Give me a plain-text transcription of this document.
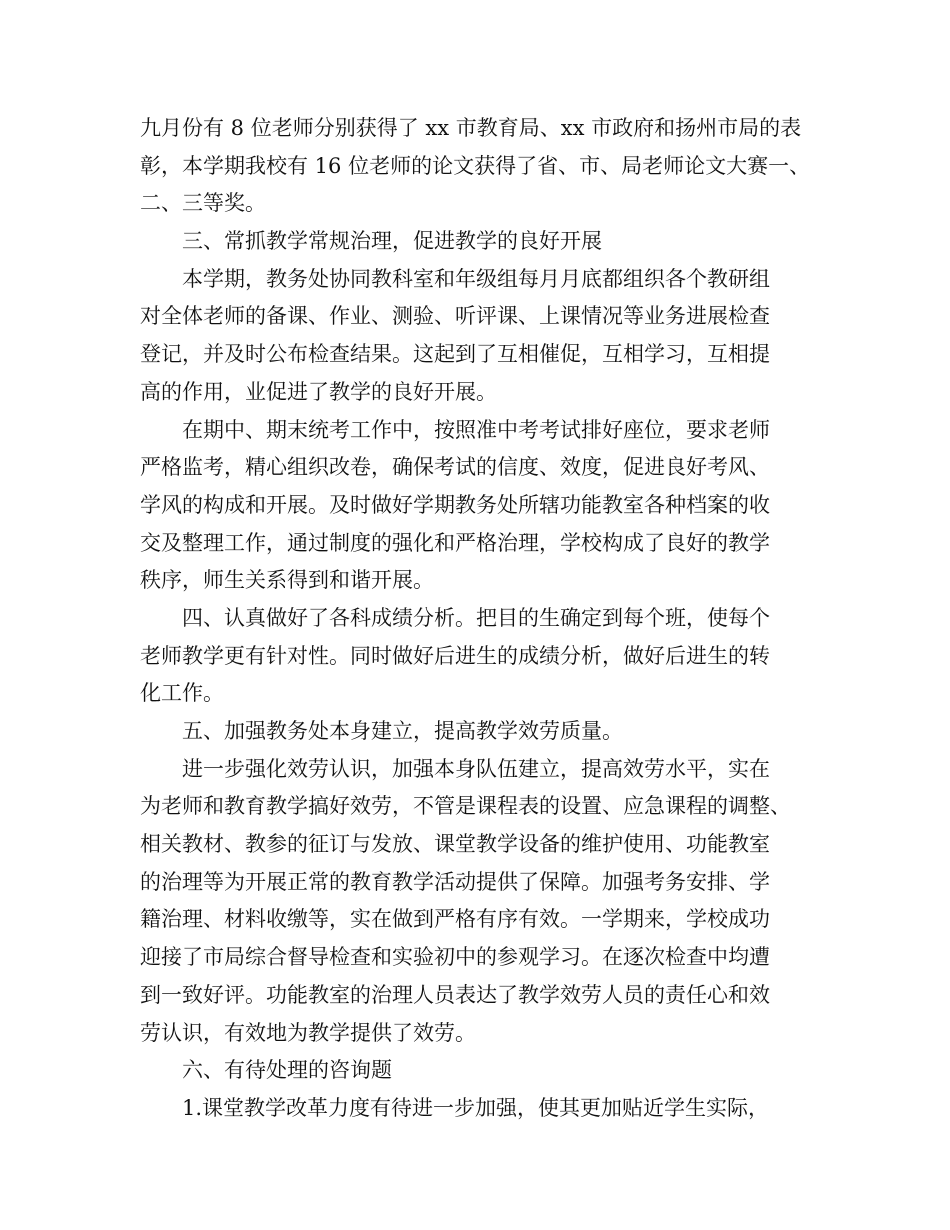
九月份有 8 位老师分别获得了 xx 市教育局、xx 市政府和扬州市局的表
彰，本学期我校有 16 位老师的论文获得了省、市、局老师论文大赛一、
二、三等奖。
三、常抓教学常规治理，促进教学的良好开展
本学期，教务处协同教科室和年级组每月月底都组织各个教研组
对全体老师的备课、作业、测验、听评课、上课情况等业务进展检查
登记，并及时公布检查结果。这起到了互相催促，互相学习，互相提
高的作用，业促进了教学的良好开展。
在期中、期末统考工作中，按照准中考考试排好座位，要求老师
严格监考，精心组织改卷，确保考试的信度、效度，促进良好考风、
学风的构成和开展。及时做好学期教务处所辖功能教室各种档案的收
交及整理工作，通过制度的强化和严格治理，学校构成了良好的教学
秩序，师生关系得到和谐开展。
四、认真做好了各科成绩分析。把目的生确定到每个班，使每个
老师教学更有针对性。同时做好后进生的成绩分析，做好后进生的转
化工作。
五、加强教务处本身建立，提高教学效劳质量。
进一步强化效劳认识，加强本身队伍建立，提高效劳水平，实在
为老师和教育教学搞好效劳，不管是课程表的设置、应急课程的调整、
相关教材、教参的征订与发放、课堂教学设备的维护使用、功能教室
的治理等为开展正常的教育教学活动提供了保障。加强考务安排、学
籍治理、材料收缴等，实在做到严格有序有效。一学期来，学校成功
迎接了市局综合督导检查和实验初中的参观学习。在逐次检查中均遭
到一致好评。功能教室的治理人员表达了教学效劳人员的责任心和效
劳认识，有效地为教学提供了效劳。
六、有待处理的咨询题
1.课堂教学改革力度有待进一步加强，使其更加贴近学生实际，
